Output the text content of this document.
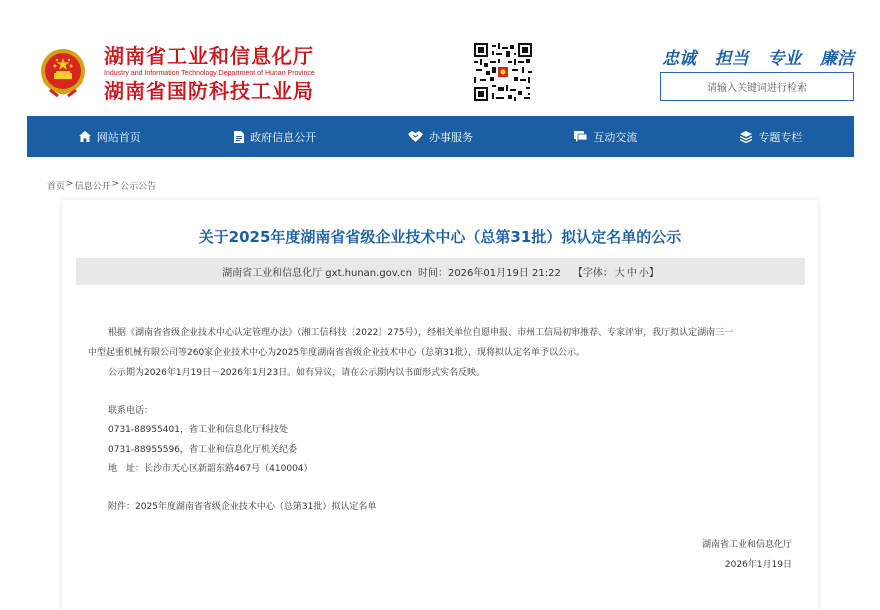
湖南省工业和信息化厅
Industry and Information Technology Department of Hunan Province
湖南省国防科技工业局
忠诚 担当 专业 廉洁
请输入关键词进行检索
网站首页	政府信息公开	办事服务	互动交流	专题专栏
首页 > 信息公开 > 公示公告
关于2025年度湖南省省级企业技术中心（总第31批）拟认定名单的公示
湖南省工业和信息化厅 gxt.hunan.gov.cn 时间： 2026年01月19日 21:22 【字体： 大 中 小 】
根据《湖南省省级企业技术中心认定管理办法》（湘工信科技〔2022〕275号），经相关单位自愿申报、市州工信局初审推荐、专家评审，我厅拟认定湖南三一
中型起重机械有限公司等260家企业技术中心为2025年度湖南省省级企业技术中心（总第31批），现将拟认定名单予以公示。
公示期为2026年1月19日－2026年1月23日。如有异议，请在公示期内以书面形式实名反映。
联系电话：
0731-88955401，省工业和信息化厅科技处
0731-88955596，省工业和信息化厅机关纪委
地　址：长沙市天心区新韶东路467号（410004）
附件：2025年度湖南省省级企业技术中心（总第31批）拟认定名单
湖南省工业和信息化厅
2026年1月19日
